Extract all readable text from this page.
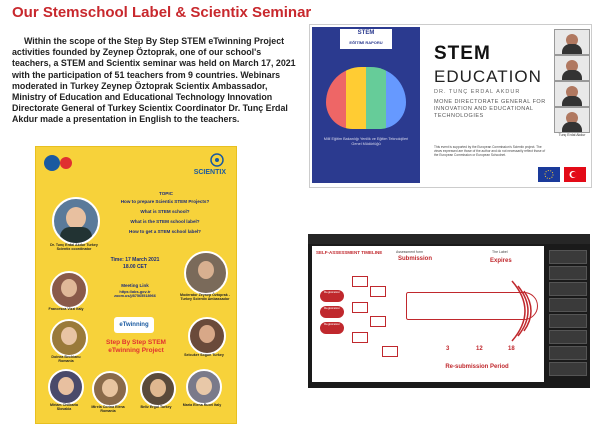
Our Stemschool Label & Scientix Seminar
Within the scope of the Step By Step STEM eTwinning Project activities founded by Zeynep Öztoprak, one of our school's teachers, a STEM and Scientix seminar was held on March 17, 2021 with the participation of 51 teachers from 9 countries. Webinars moderated in Turkey Zeynep Öztoprak Scientix Ambassador, Ministry of Education and Educational Technology Innovation Directorate General of Turkey Scientix Coordinator Dr. Tunç Erdal Akdur made a presentation in English to the teachers.
SCIENTIX
TOPIC
How to prepare Scientix STEM Projects?
What is STEM school?
What is the STEM school label?
How to get a STEM school label?
Dr. Tunç Erdal Akdur Turkey Scientix coordinator
Time: 17 March 2021
18.00 CET
Meeting Link
https://abs-gov-tr zoom.us/j/87565518966	Moderator Zeynep Öztoprak - Turkey Scientix Ambassador
Francesca Vizzi Italy
Doinea Bechianu Romania
Selcuker Sogun Turkey
eTwinning
Step By Step STEM
eTwinning Project
Miriam Chilbaria Slovakia	Mirela Corina Elena Romania
Beliz Ergul Turkey	Maria Elena Ruori Italy
STEM
EĞİTİMİ RAPORU
Millî Eğitim Bakanlığı Yenilik ve Eğitim Teknolojileri Genel Müdürlüğü
STEM
EDUCATION
DR. TUNÇ ERDAL AKDUR
MONE DIRECTORATE GENERAL FOR INNOVATION AND EDUCATIONAL TECHNOLOGIES
This event is supported by the European Commission’s Scientix project. The views expressed are those of the author and do not necessarily reflect those of the European Commission or European Schoolnet.
Tunç Erdal Akdur
SELF-ASSESSMENT TIMELINE	Assessment form
Submission
The Label
Expires
Registration
Registration
Registration
3	12	18
Re-submission Period
